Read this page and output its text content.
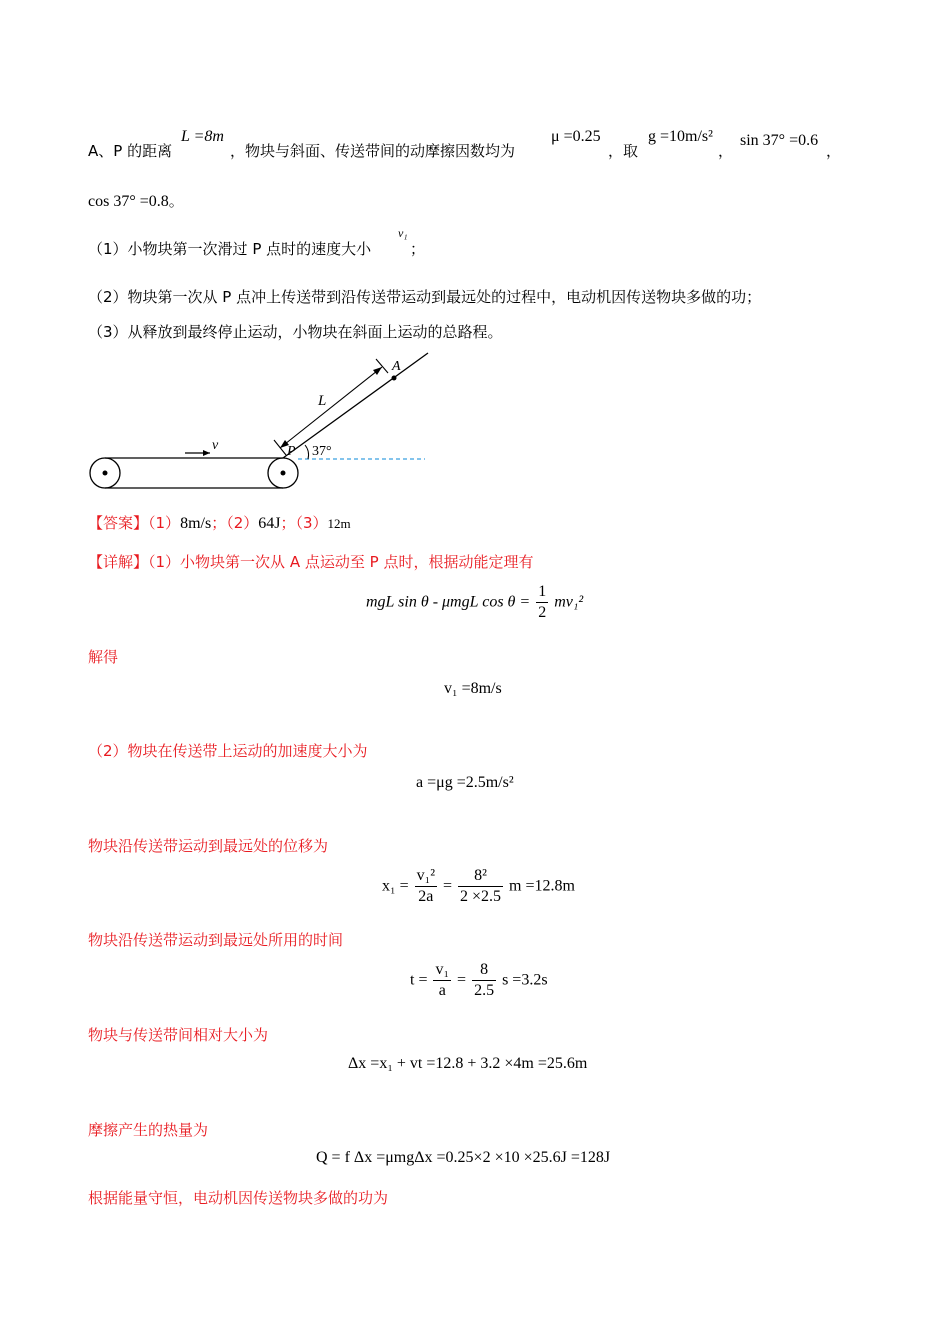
A、P 的距离
L =8m
，物块与斜面、传送带间的动摩擦因数均为
μ =0.25
，取
g =10m/s²
，
sin 37° =0.6
，
cos 37° =0.8。
（1）小物块第一次滑过 P 点时的速度大小
v₁
；
（2）物块第一次从 P 点冲上传送带到沿传送带运动到最远处的过程中，电动机因传送物块多做的功；
（3）从释放到最终停止运动，小物块在斜面上运动的总路程。
v
L
A
P 37°
【答案】（1）8m/s；（2）64J；（3）12m
【详解】（1）小物块第一次从 A 点运动至 P 点时，根据动能定理有
mgL sin θ - μmgL $\cos \theta = \frac{1}{2} mv_1^2$
解得
v₁ =8m/s
（2）物块在传送带上运动的加速度大小为
a =μg =2.5m/s²
物块沿传送带运动到最远处的位移为
$x_1 = \frac{\text{v₁²}}{2a} = \frac{\text{8²}}{2 \times 2.5}$ m =12.8m
物块沿传送带运动到最远处所用的时间
$t = \frac{\text{v₁}}{a} = \frac{8}{2.5}$ s =3.2s
物块与传送带间相对大小为
Δx =x₁ + vt =12.8 + 3.2 ×4m =25.6m
摩擦产生的热量为
Q = f Δx =μmgΔx =0.25×2 ×10 ×25.6J =128J
根据能量守恒，电动机因传送物块多做的功为
